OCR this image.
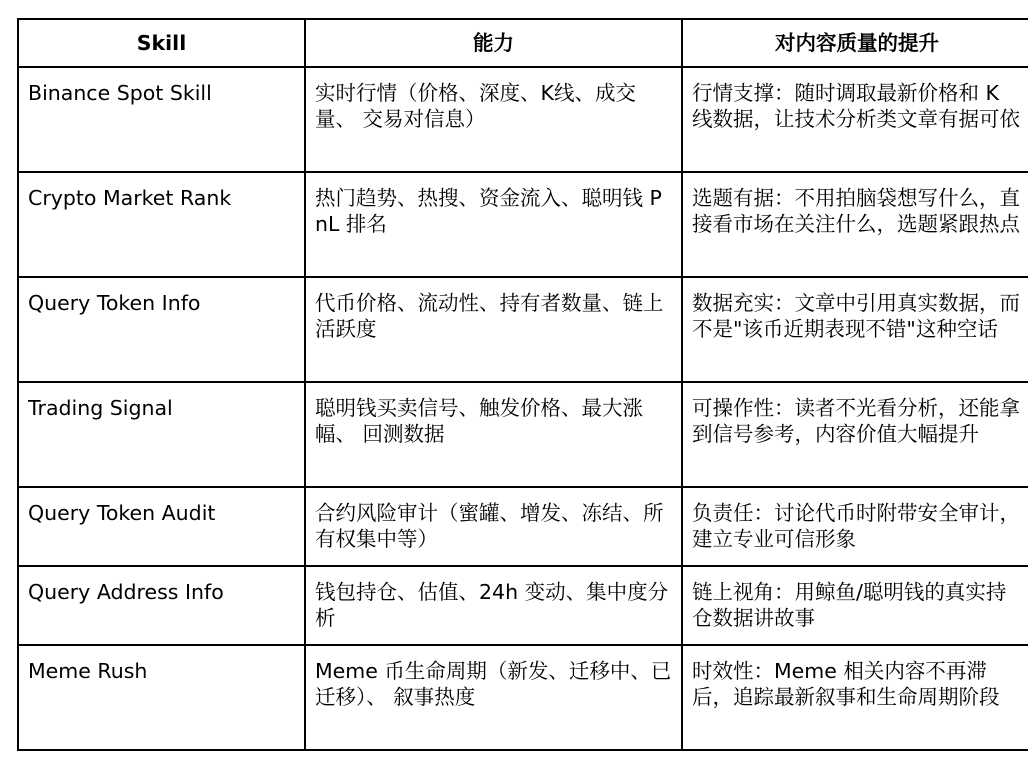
Skill	能力	对内容质量的提升
Binance Spot Skill	实时行情（价格、深度、K线、成交量、 交易对信息）	行情支撑：随时调取最新价格和 K 线数据，让技术分析类文章有据可依
Crypto Market Rank	热门趋势、热搜、资金流入、聪明钱 PnL 排名	选题有据：不用拍脑袋想写什么，直接看市场在关注什么，选题紧跟热点
Query Token Info	代币价格、流动性、持有者数量、链上活跃度	数据充实：文章中引用真实数据，而不是"该币近期表现不错"这种空话
Trading Signal	聪明钱买卖信号、触发价格、最大涨幅、 回测数据	可操作性：读者不光看分析，还能拿到信号参考，内容价值大幅提升
Query Token Audit	合约风险审计（蜜罐、增发、冻结、所有权集中等）	负责任：讨论代币时附带安全审计，建立专业可信形象
Query Address Info	钱包持仓、估值、24h 变动、集中度分析	链上视角：用鲸鱼/聪明钱的真实持仓数据讲故事
Meme Rush	Meme 币生命周期（新发、迁移中、已迁移）、 叙事热度	时效性：Meme 相关内容不再滞后，追踪最新叙事和生命周期阶段
